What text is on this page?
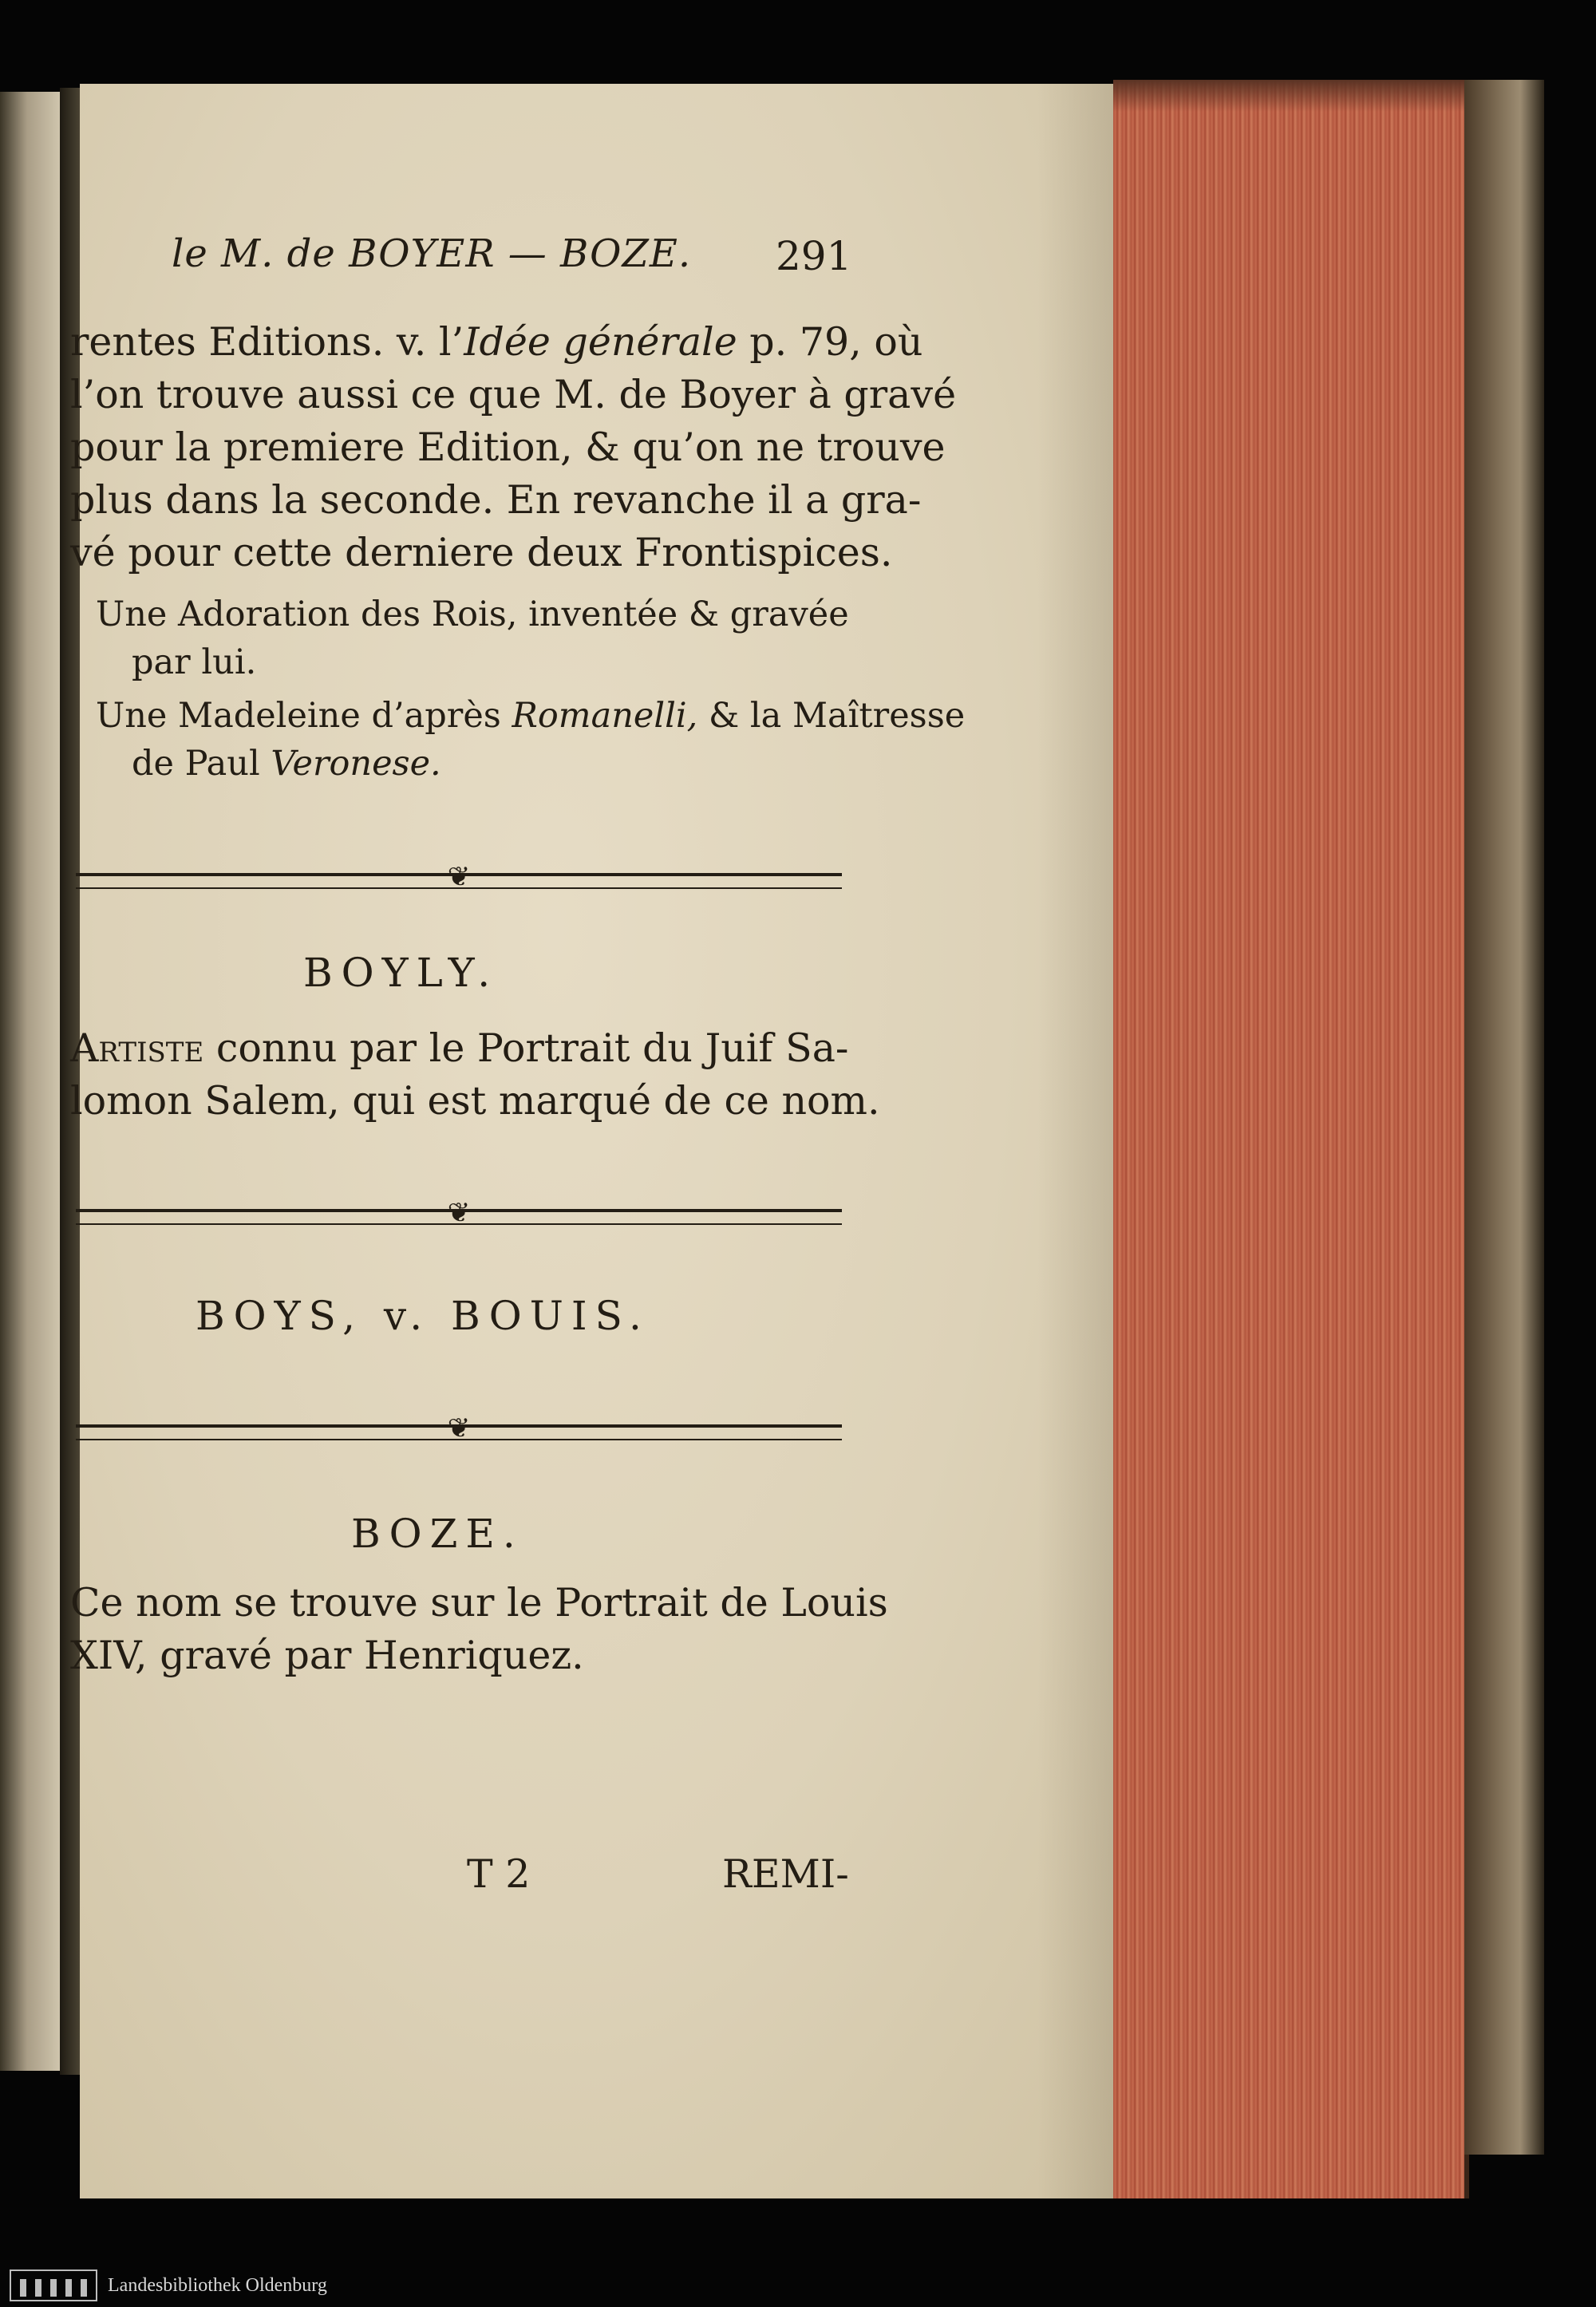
le M. de BOYER — BOZE. 291
rentes Editions. v. l’Idée générale p. 79, où
l’on trouve aussi ce que M. de Boyer à gravé
pour la premiere Edition, & qu’on ne trouve
plus dans la seconde. En revanche il a gra-
vé pour cette derniere deux Frontispices.
Une Adoration des Rois, inventée & gravée
par lui.
Une Madeleine d’après Romanelli, & la Maîtresse
de Paul Veronese.
❦
BOYLY.
Artiste connu par le Portrait du Juif Sa-
lomon Salem, qui est marqué de ce nom.
❦
BOYS, v. BOUIS.
❦
BOZE.
Ce nom se trouve sur le Portrait de Louis
XIV, gravé par Henriquez.
T 2	REMI-
Landesbibliothek Oldenburg
